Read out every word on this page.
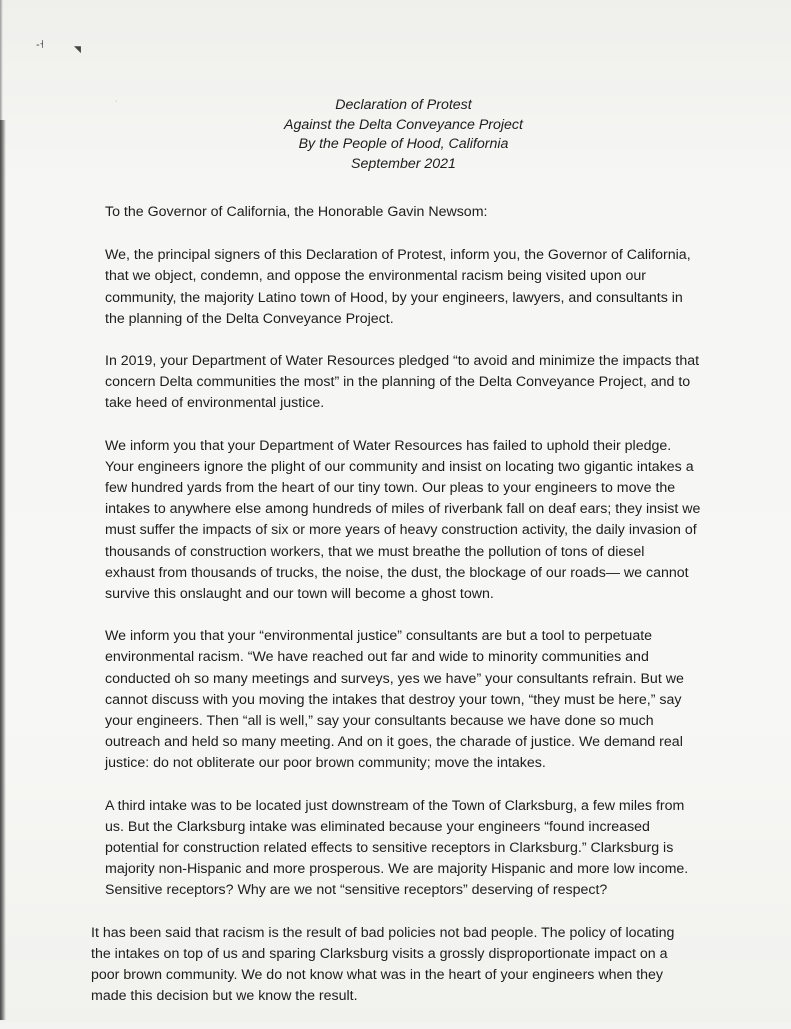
-˧	◥
·	Declaration of Protest
Against the Delta Conveyance Project
By the People of Hood, California
September 2021

To the Governor of California, the Honorable Gavin Newsom:

We, the principal signers of this Declaration of Protest, inform you, the Governor of California,
that we object, condemn, and oppose the environmental racism being visited upon our
community, the majority Latino town of Hood, by your engineers, lawyers, and consultants in
the planning of the Delta Conveyance Project.

In 2019, your Department of Water Resources pledged “to avoid and minimize the impacts that
concern Delta communities the most” in the planning of the Delta Conveyance Project, and to
take heed of environmental justice.

We inform you that your Department of Water Resources has failed to uphold their pledge.
Your engineers ignore the plight of our community and insist on locating two gigantic intakes a
few hundred yards from the heart of our tiny town. Our pleas to your engineers to move the
intakes to anywhere else among hundreds of miles of riverbank fall on deaf ears; they insist we
must suffer the impacts of six or more years of heavy construction activity, the daily invasion of
thousands of construction workers, that we must breathe the pollution of tons of diesel
exhaust from thousands of trucks, the noise, the dust, the blockage of our roads— we cannot
survive this onslaught and our town will become a ghost town.

We inform you that your “environmental justice” consultants are but a tool to perpetuate
environmental racism. “We have reached out far and wide to minority communities and
conducted oh so many meetings and surveys, yes we have” your consultants refrain. But we
cannot discuss with you moving the intakes that destroy your town, “they must be here,” say
your engineers. Then “all is well,” say your consultants because we have done so much
outreach and held so many meeting. And on it goes, the charade of justice. We demand real
justice: do not obliterate our poor brown community; move the intakes.

A third intake was to be located just downstream of the Town of Clarksburg, a few miles from
us. But the Clarksburg intake was eliminated because your engineers “found increased
potential for construction related effects to sensitive receptors in Clarksburg.” Clarksburg is
majority non-Hispanic and more prosperous. We are majority Hispanic and more low income.
Sensitive receptors? Why are we not “sensitive receptors” deserving of respect?

It has been said that racism is the result of bad policies not bad people. The policy of locating
the intakes on top of us and sparing Clarksburg visits a grossly disproportionate impact on a
poor brown community. We do not know what was in the heart of your engineers when they
made this decision but we know the result.
